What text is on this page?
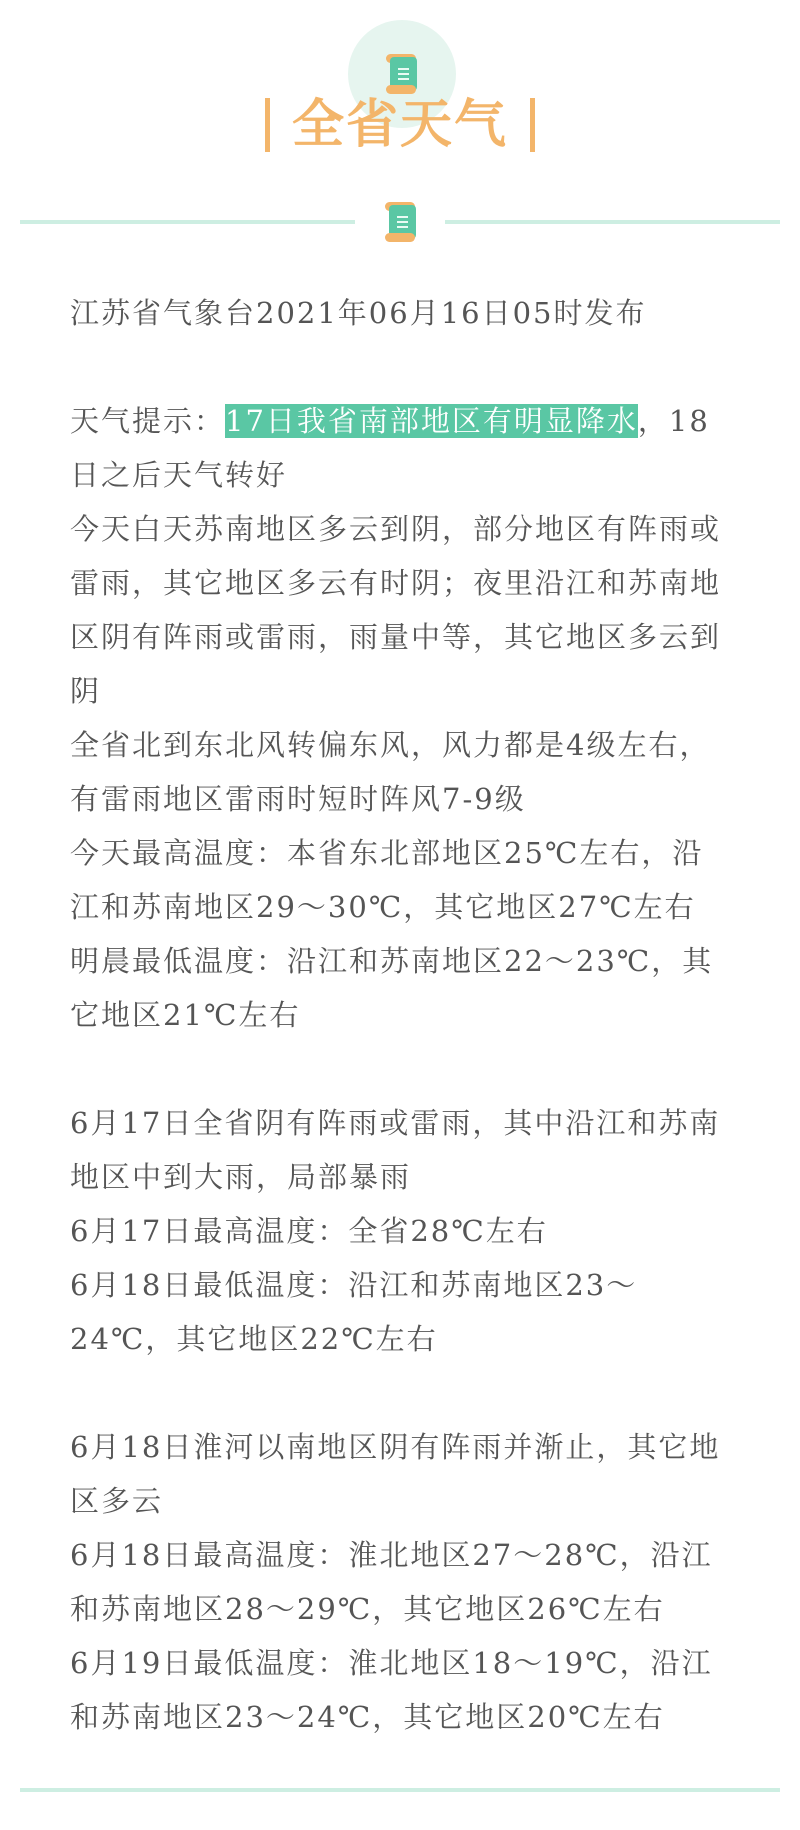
全省天气

江苏省气象台2021年06月16日05时发布

天气提示：17日我省南部地区有明显降水，18日之后天气转好

今天白天苏南地区多云到阴，部分地区有阵雨或雷雨，其它地区多云有时阴；夜里沿江和苏南地区阴有阵雨或雷雨，雨量中等，其它地区多云到阴

全省北到东北风转偏东风，风力都是4级左右，有雷雨地区雷雨时短时阵风7-9级

今天最高温度：本省东北部地区25℃左右，沿江和苏南地区29～30℃，其它地区27℃左右

明晨最低温度：沿江和苏南地区22～23℃，其它地区21℃左右

6月17日全省阴有阵雨或雷雨，其中沿江和苏南地区中到大雨，局部暴雨

6月17日最高温度：全省28℃左右

6月18日最低温度：沿江和苏南地区23～24℃，其它地区22℃左右

6月18日淮河以南地区阴有阵雨并渐止，其它地区多云

6月18日最高温度：淮北地区27～28℃，沿江和苏南地区28～29℃，其它地区26℃左右

6月19日最低温度：淮北地区18～19℃，沿江和苏南地区23～24℃，其它地区20℃左右
